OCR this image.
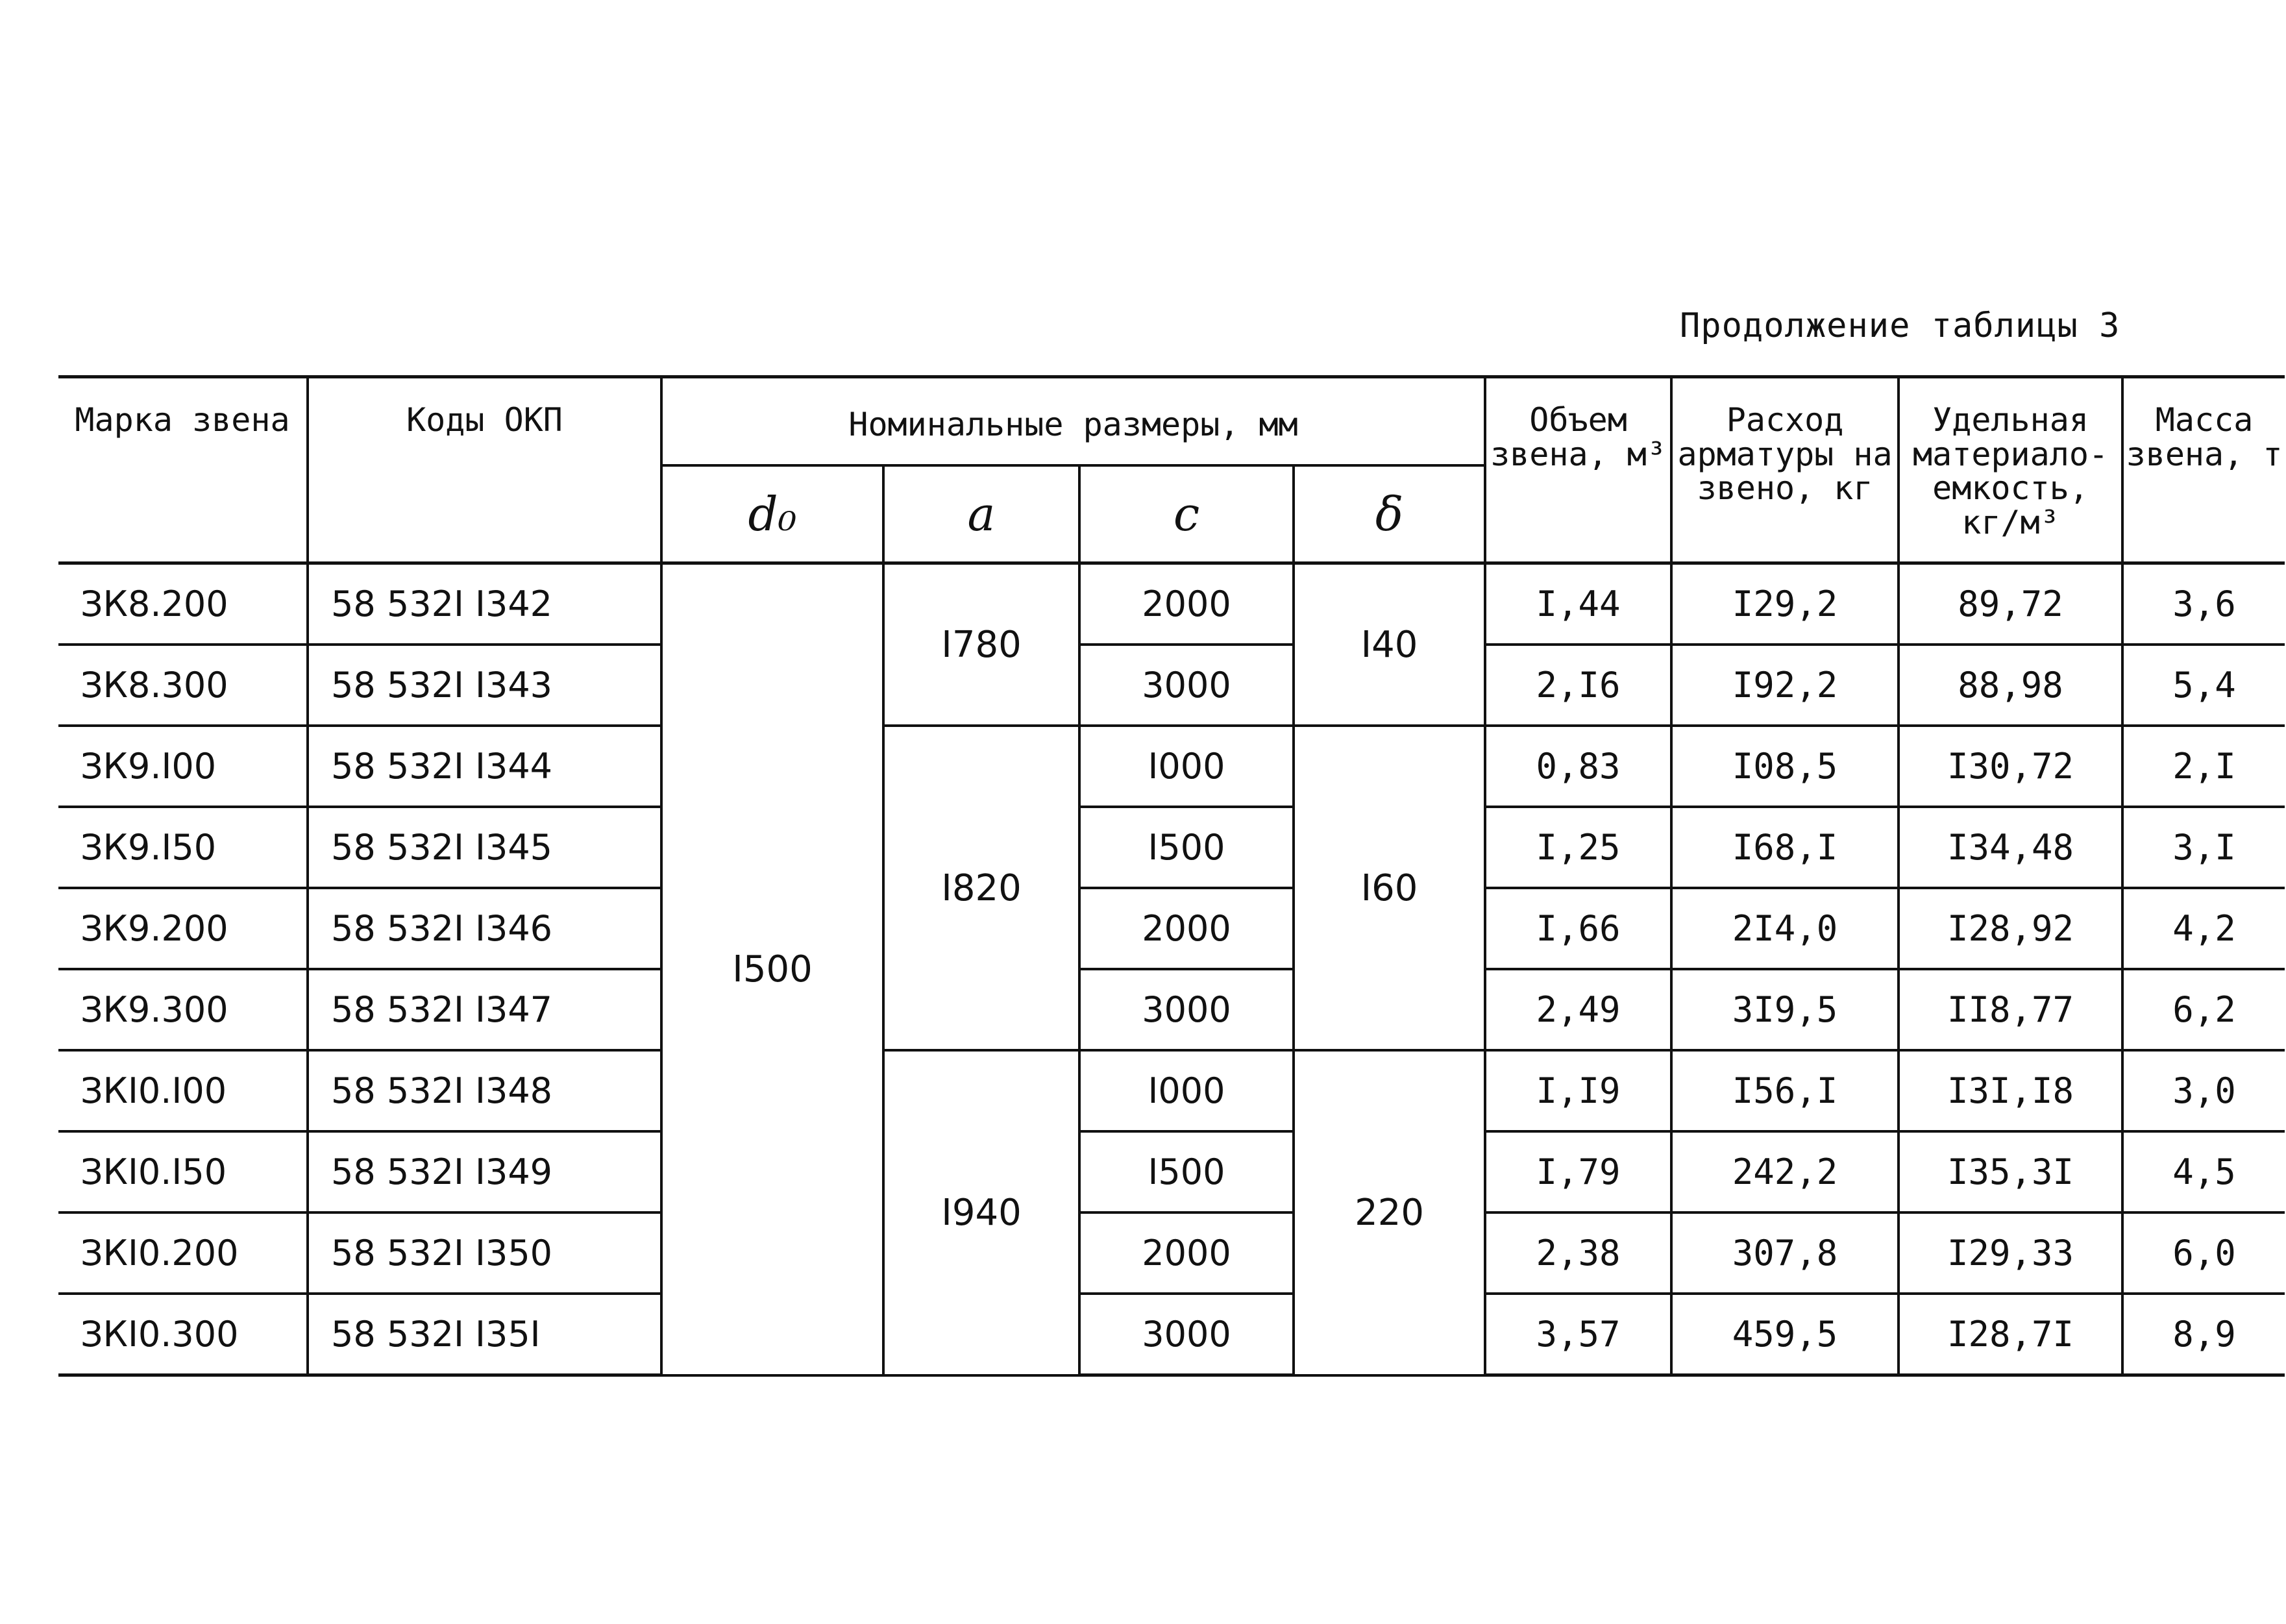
Продолжение таблицы 3
Марка звена	Коды ОКП	Номинальные размеры, мм				Объем звена, м³	Расход арматуры на звено, кг	Удельная материало-емкость, кг/м³	Масса звена, т
		d₀	a	c	δ				
ЗК8.200	58 532I I342	I500	I780	2000	I40	I,44	I29,2	89,72	3,6
ЗК8.300	58 532I I343			3000		2,I6	I92,2	88,98	5,4
ЗК9.I00	58 532I I344		I820	I000	I60	0,83	I08,5	I30,72	2,I
ЗК9.I50	58 532I I345			I500		I,25	I68,I	I34,48	3,I
ЗК9.200	58 532I I346			2000		I,66	2I4,0	I28,92	4,2
ЗК9.300	58 532I I347			3000		2,49	3I9,5	II8,77	6,2
ЗКI0.I00	58 532I I348		I940	I000	220	I,I9	I56,I	I3I,I8	3,0
ЗКI0.I50	58 532I I349			I500		I,79	242,2	I35,3I	4,5
ЗКI0.200	58 532I I350			2000		2,38	307,8	I29,33	6,0
ЗКI0.300	58 532I I35I			3000		3,57	459,5	I28,7I	8,9
